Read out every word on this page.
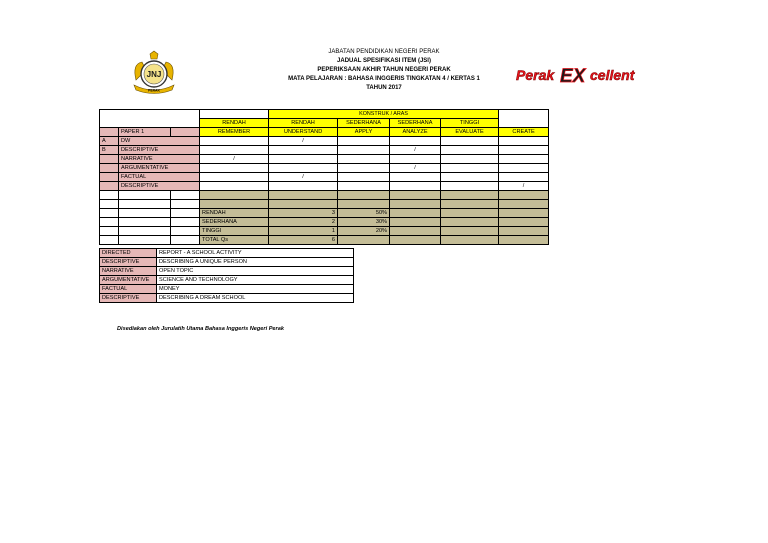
JABATAN PENDIDIKAN NEGERI PERAK
JADUAL SPESIFIKASI ITEM (JSI)
PEPERIKSAAN AKHIR TAHUN NEGERI PERAK
MATA PELAJARAN : BAHASA INGGERIS TINGKATAN 4 / KERTAS 1
TAHUN 2017
JNJ
PERAK
Perak EX cellent
				KONSTRUK / ARAS					
			RENDAH	RENDAH	SEDERHANA	SEDERHANA	TINGGI	
	PAPER 1		REMEMBER	UNDERSTAND	APPLY	ANALYZE	EVALUATE	CREATE	
A	DW			/					
B	DESCRIPTIVE					/			
	NARRATIVE		/						
	ARGUMENTATIVE					/			
	FACTUAL			/					
	DESCRIPTIVE							/	

			RENDAH	3	50%				
			SEDERHANA	2	30%				
			TINGGI	1	20%				
			TOTAL Qs	6					
DIRECTED	REPORT - A SCHOOL ACTIVITY
DESCRIPTIVE	DESCRIBING A UNIQUE PERSON
NARRATIVE	OPEN TOPIC
ARGUMENTATIVE	SCIENCE AND TECHNOLOGY
FACTUAL	MONEY
DESCRIPTIVE	DESCRIBING A DREAM SCHOOL
Disediakan oleh Jurulatih Utama Bahasa Inggeris Negeri Perak
